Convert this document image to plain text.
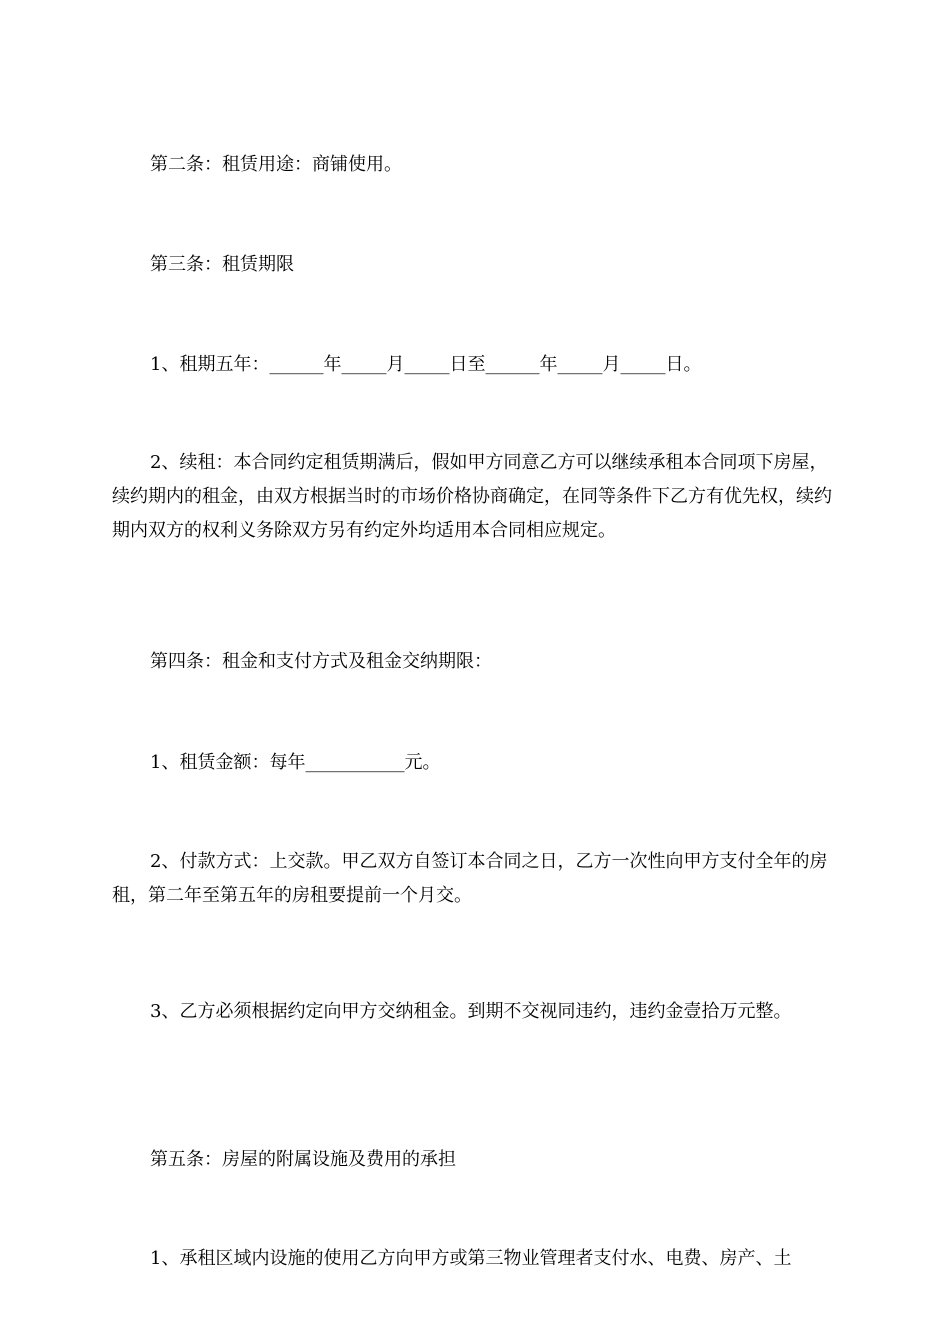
第二条：租赁用途：商铺使用。

第三条：租赁期限

1、租期五年：______年_____月_____日至______年_____月_____日。

2、续租：本合同约定租赁期满后，假如甲方同意乙方可以继续承租本合同项下房屋，续约期内的租金，由双方根据当时的市场价格协商确定，在同等条件下乙方有优先权，续约期内双方的权利义务除双方另有约定外均适用本合同相应规定。

第四条：租金和支付方式及租金交纳期限：

1、租赁金额：每年___________元。

2、付款方式：上交款。甲乙双方自签订本合同之日，乙方一次性向甲方支付全年的房租，第二年至第五年的房租要提前一个月交。

3、乙方必须根据约定向甲方交纳租金。到期不交视同违约，违约金壹拾万元整。

第五条：房屋的附属设施及费用的承担

1、承租区域内设施的使用乙方向甲方或第三物业管理者支付水、电费、房产、土
